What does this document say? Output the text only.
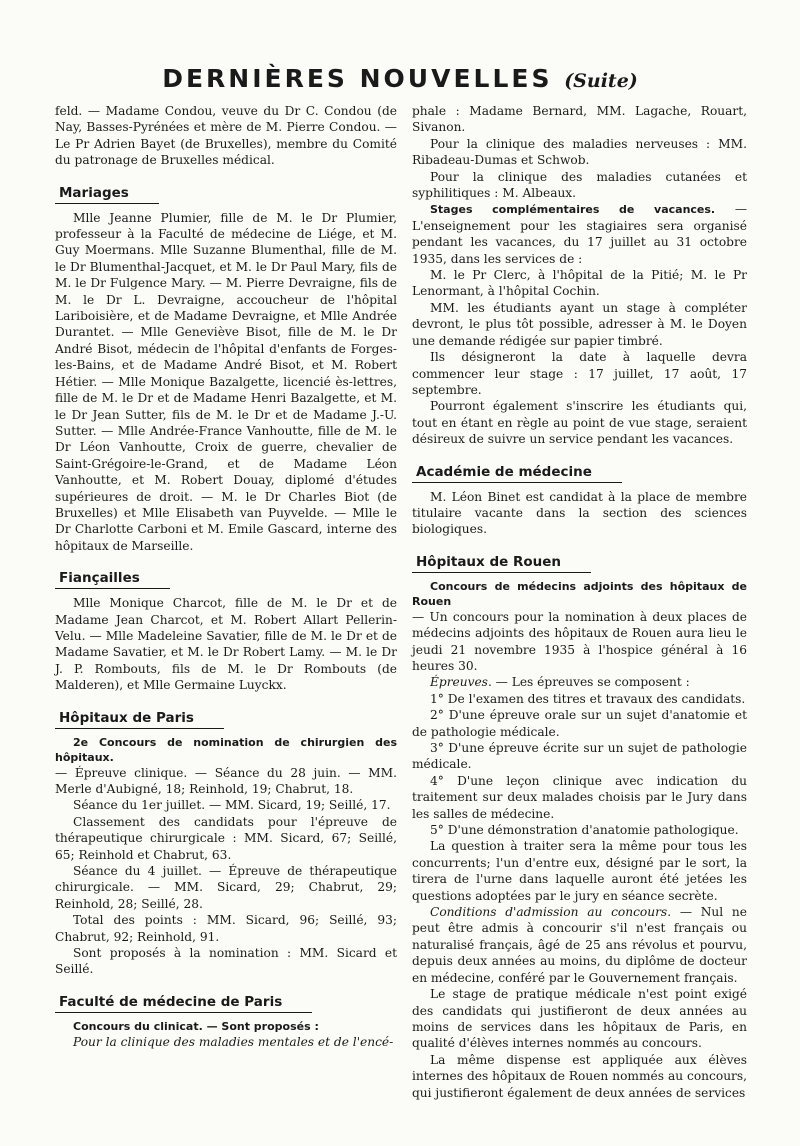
DERNIÈRES NOUVELLES (Suite)

feld. — Madame Condou, veuve du Dr C. Condou (de Nay, Basses-Pyrénées et mère de M. Pierre Condou. — Le Pr Adrien Bayet (de Bruxelles), membre du Comité du patronage de Bruxelles médical.

Mariages

Mlle Jeanne Plumier, fille de M. le Dr Plumier, professeur à la Faculté de médecine de Liége, et M. Guy Moermans. Mlle Suzanne Blumenthal, fille de M. le Dr Blumenthal-Jacquet, et M. le Dr Paul Mary, fils de M. le Dr Fulgence Mary. — M. Pierre Devraigne, fils de M. le Dr L. Devraigne, accoucheur de l'hôpital Lariboisière, et de Madame Devraigne, et Mlle Andrée Durantet. — Mlle Geneviève Bisot, fille de M. le Dr André Bisot, médecin de l'hôpital d'enfants de Forges-les-Bains, et de Madame André Bisot, et M. Robert Hétier. — Mlle Monique Bazalgette, licencié ès-lettres, fille de M. le Dr et de Madame Henri Bazalgette, et M. le Dr Jean Sutter, fils de M. le Dr et de Madame J.-U. Sutter. — Mlle Andrée-France Vanhoutte, fille de M. le Dr Léon Vanhoutte, Croix de guerre, chevalier de Saint-Grégoire-le-Grand, et de Madame Léon Vanhoutte, et M. Robert Douay, diplomé d'études supérieures de droit. — M. le Dr Charles Biot (de Bruxelles) et Mlle Elisabeth van Puyvelde. — Mlle le Dr Charlotte Carboni et M. Emile Gascard, interne des hôpitaux de Marseille.

Fiançailles

Mlle Monique Charcot, fille de M. le Dr et de Madame Jean Charcot, et M. Robert Allart Pellerin-Velu. — Mlle Madeleine Savatier, fille de M. le Dr et de Madame Savatier, et M. le Dr Robert Lamy. — M. le Dr J. P. Rombouts, fils de M. le Dr Rombouts (de Malderen), et Mlle Germaine Luyckx.

Hôpitaux de Paris

2e Concours de nomination de chirurgien des hôpitaux.

— Épreuve clinique. — Séance du 28 juin. — MM. Merle d'Aubigné, 18; Reinhold, 19; Chabrut, 18.

Séance du 1er juillet. — MM. Sicard, 19; Seillé, 17.

Classement des candidats pour l'épreuve de thérapeutique chirurgicale : MM. Sicard, 67; Seillé, 65; Reinhold et Chabrut, 63.

Séance du 4 juillet. — Épreuve de thérapeutique chirurgicale. — MM. Sicard, 29; Chabrut, 29; Reinhold, 28; Seillé, 28.

Total des points : MM. Sicard, 96; Seillé, 93; Chabrut, 92; Reinhold, 91.

Sont proposés à la nomination : MM. Sicard et Seillé.

Faculté de médecine de Paris

Concours du clinicat. — Sont proposés :

Pour la clinique des maladies mentales et de l'encé-

phale : Madame Bernard, MM. Lagache, Rouart, Sivanon.

Pour la clinique des maladies nerveuses : MM. Ribadeau-Dumas et Schwob.

Pour la clinique des maladies cutanées et syphilitiques : M. Albeaux.

Stages complémentaires de vacances. — L'enseignement pour les stagiaires sera organisé pendant les vacances, du 17 juillet au 31 octobre 1935, dans les services de :

M. le Pr Clerc, à l'hôpital de la Pitié; M. le Pr Lenormant, à l'hôpital Cochin.

MM. les étudiants ayant un stage à compléter devront, le plus tôt possible, adresser à M. le Doyen une demande rédigée sur papier timbré.

Ils désigneront la date à laquelle devra commencer leur stage : 17 juillet, 17 août, 17 septembre.

Pourront également s'inscrire les étudiants qui, tout en étant en règle au point de vue stage, seraient désireux de suivre un service pendant les vacances.

Académie de médecine

M. Léon Binet est candidat à la place de membre titulaire vacante dans la section des sciences biologiques.

Hôpitaux de Rouen

Concours de médecins adjoints des hôpitaux de Rouen

— Un concours pour la nomination à deux places de médecins adjoints des hôpitaux de Rouen aura lieu le jeudi 21 novembre 1935 à l'hospice général à 16 heures 30.

Épreuves. — Les épreuves se composent :

1° De l'examen des titres et travaux des candidats.

2° D'une épreuve orale sur un sujet d'anatomie et de pathologie médicale.

3° D'une épreuve écrite sur un sujet de pathologie médicale.

4° D'une leçon clinique avec indication du traitement sur deux malades choisis par le Jury dans les salles de médecine.

5° D'une démonstration d'anatomie pathologique.

La question à traiter sera la même pour tous les concurrents; l'un d'entre eux, désigné par le sort, la tirera de l'urne dans laquelle auront été jetées les questions adoptées par le jury en séance secrète.

Conditions d'admission au concours. — Nul ne peut être admis à concourir s'il n'est français ou naturalisé français, âgé de 25 ans révolus et pourvu, depuis deux années au moins, du diplôme de docteur en médecine, conféré par le Gouvernement français.

Le stage de pratique médicale n'est point exigé des candidats qui justifieront de deux années au moins de services dans les hôpitaux de Paris, en qualité d'élèves internes nommés au concours.

La même dispense est appliquée aux élèves internes des hôpitaux de Rouen nommés au concours, qui justifieront également de deux années de services
